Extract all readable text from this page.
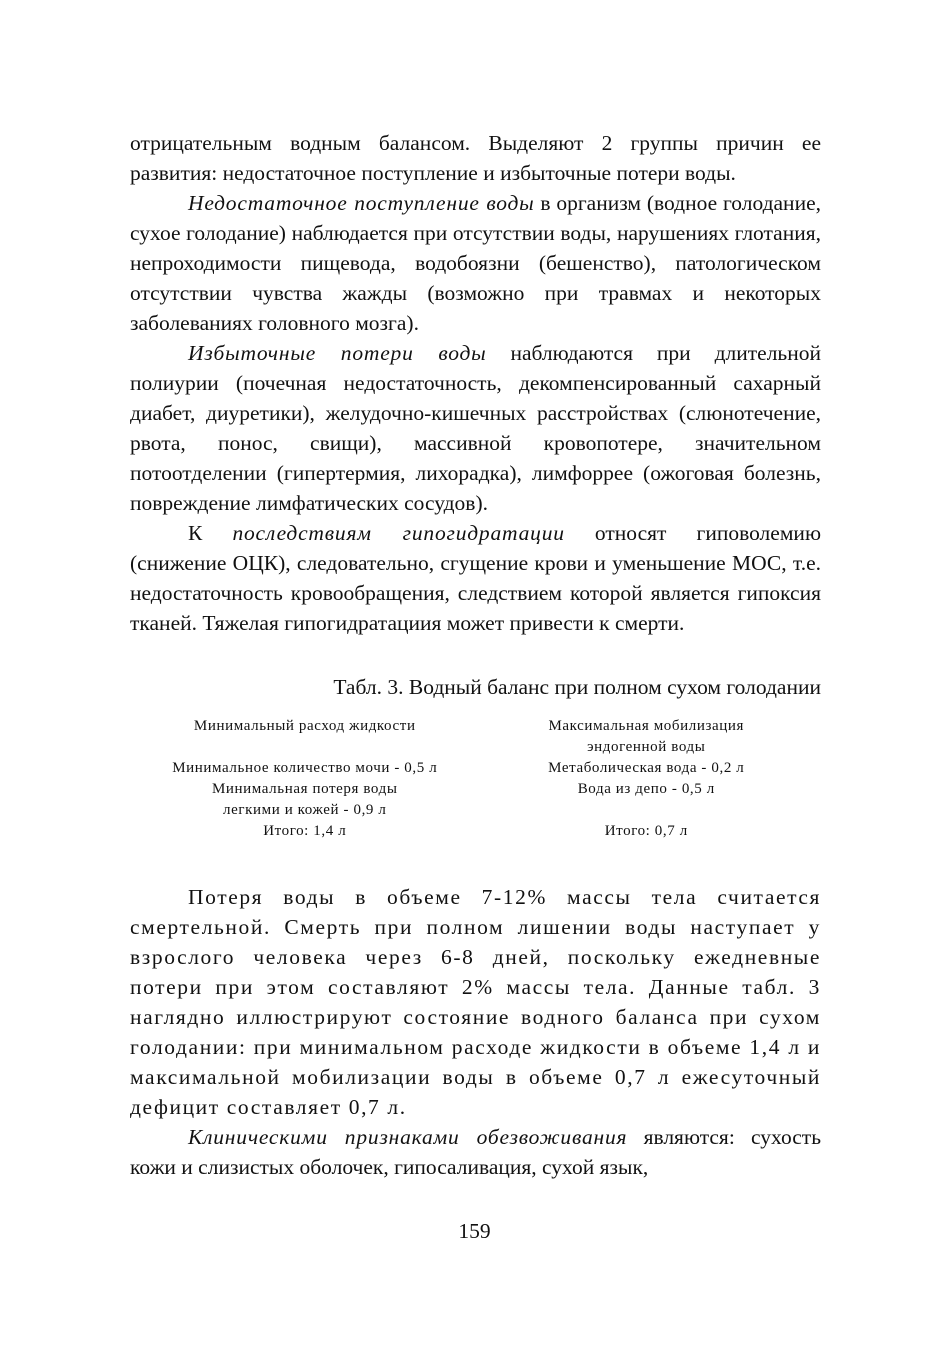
отрицательным водным балансом. Выделяют 2 группы причин ее развития: недостаточное поступление и избыточные потери воды.

Недостаточное поступление воды в организм (водное голодание, сухое голодание) наблюдается при отсутствии воды, нарушениях глотания, непроходимости пищевода, водобоязни (бешенство), патологическом отсутствии чувства жажды (возможно при травмах и некоторых заболеваниях головного мозга).

Избыточные потери воды наблюдаются при длительной полиурии (почечная недостаточность, декомпенсированный сахарный диабет, диуретики), желудочно-кишечных расстройствах (слюнотечение, рвота, понос, свищи), массивной кровопотере, значительном потоотделении (гипертермия, лихорадка), лимфоррее (ожоговая болезнь, повреждение лимфатических сосудов).

К последствиям гипогидратации относят гиповолемию (снижение ОЦК), следовательно, сгущение крови и уменьшение МОС, т.е. недостаточность кровообращения, следствием которой является гипоксия тканей. Тяжелая гипогидратациия может привести к смерти.

Табл. 3. Водный баланс при полном сухом голодании

Минимальный расход жидкости
Минимальное количество мочи - 0,5 л
Минимальная потеря воды
легкими и кожей - 0,9 л
Итого: 1,4 л
Максимальная мобилизация
эндогенной воды
Метаболическая вода - 0,2 л
Вода из депо - 0,5 л
Итого: 0,7 л

Потеря воды в объеме 7-12% массы тела считается смертельной. Смерть при полном лишении воды наступает у взрослого человека через 6-8 дней, поскольку ежедневные потери при этом составляют 2% массы тела. Данные табл. 3 наглядно иллюстрируют состояние водного баланса при сухом голодании: при минимальном расходе жидкости в объеме 1,4 л и максимальной мобилизации воды в объеме 0,7 л ежесуточный дефицит составляет 0,7 л.

Клиническими признаками обезвоживания являются: сухость кожи и слизистых оболочек, гипосаливация, сухой язык,

159
